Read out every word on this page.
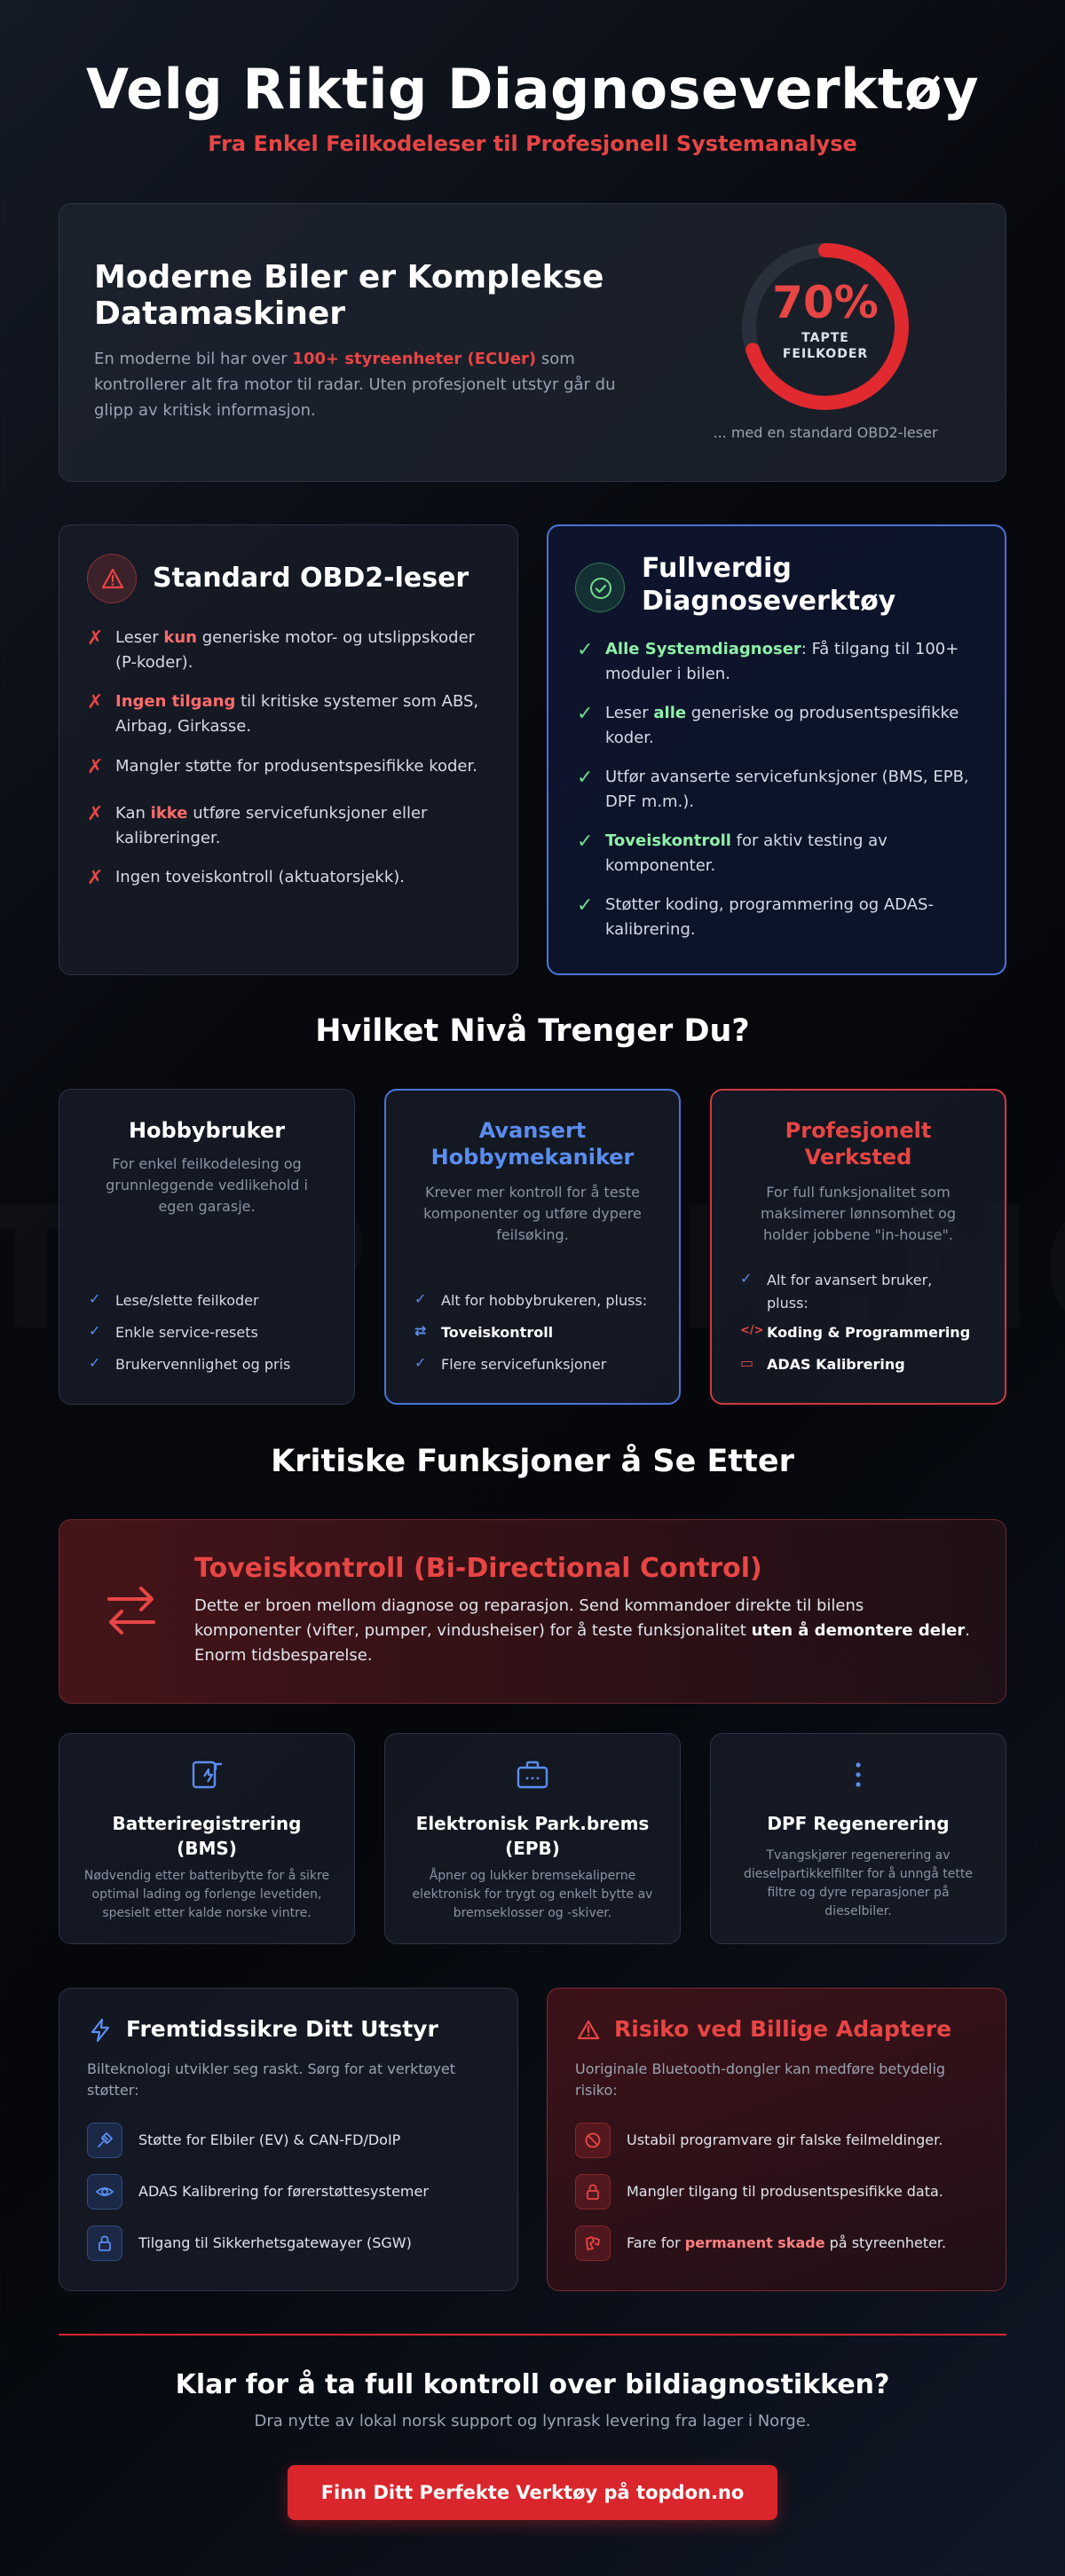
Velg Riktig Diagnoseverktøy
Fra Enkel Feilkodeleser til Profesjonell Systemanalyse
Moderne Biler er Komplekse Datamaskiner
En moderne bil har over 100+ styreenheter (ECUer) som kontrollerer alt fra motor til radar. Uten profesjonelt utstyr går du glipp av kritisk informasjon.
70%
TAPTE
FEILKODER
... med en standard OBD2-leser
Standard OBD2-leser	Fullverdig Diagnoseverktøy
Hvilket Nivå Trenger Du?
Kritiske Funksjoner å Se Etter
Toveiskontroll (Bi-Directional Control)
Dette er broen mellom diagnose og reparasjon. Send kommandoer direkte til bilens komponenter (vifter, pumper, vindusheiser) for å teste funksjonalitet uten å demontere deler. Enorm tidsbesparelse.
Batteriregistrering (BMS)
Nødvendig etter batteribytte for å sikre optimal lading og forlenge levetiden, spesielt etter kalde norske vintre.
Elektronisk Park.brems (EPB)
Åpner og lukker bremsekaliperne elektronisk for trygt og enkelt bytte av bremseklosser og -skiver.
DPF Regenerering
Tvangskjører regenerering av dieselpartikkelfilter for å unngå tette filtre og dyre reparasjoner på dieselbiler.
Fremtidssikre Ditt Utstyr
Bilteknologi utvikler seg raskt. Sørg for at verktøyet støtter:
Støtte for Elbiler (EV) & CAN-FD/DoIP
ADAS Kalibrering for førerstøttesystemer
Tilgang til Sikkerhetsgatewayer (SGW)
Risiko ved Billige Adaptere
Uoriginale Bluetooth-dongler kan medføre betydelig risiko:
Ustabil programvare gir falske feilmeldinger.
Mangler tilgang til produsentspesifikke data.
Fare for permanent skade på styreenheter.
Klar for å ta full kontroll over bildiagnostikken?
Dra nytte av lokal norsk support og lynrask levering fra lager i Norge.
Finn Ditt Perfekte Verktøy på topdon.no
✗ Leser kun generiske motor- og utslippskoder (P-koder).
✗ Ingen tilgang til kritiske systemer som ABS, Airbag, Girkasse.
✗ Mangler støtte for produsentspesifikke koder.
✗ Kan ikke utføre servicefunksjoner eller kalibreringer.
✗ Ingen toveiskontroll (aktuatorsjekk).
✓ Alle Systemdiagnoser: Få tilgang til 100+ moduler i bilen.
✓ Leser alle generiske og produsentspesifikke koder.
✓ Utfør avanserte servicefunksjoner (BMS, EPB, DPF m.m.).
✓ Toveiskontroll for aktiv testing av komponenter.
✓ Støtter koding, programmering og ADAS-kalibrering.
Hobbybruker
For enkel feilkodelesing og grunnleggende vedlikehold i egen garasje.
✓ Lese/slette feilkoder
✓ Enkle service-resets
✓ Brukervennlighet og pris
Avansert Hobbymekaniker
Krever mer kontroll for å teste komponenter og utføre dypere feilsøking.
✓ Alt for hobbybrukeren, pluss:
⇄ Toveiskontroll
✓ Flere servicefunksjoner
Profesjonelt Verksted
For full funksjonalitet som maksimerer lønnsomhet og holder jobbene "in-house".
✓ Alt for avansert bruker, pluss:
</> Koding & Programmering
▭ ADAS Kalibrering
